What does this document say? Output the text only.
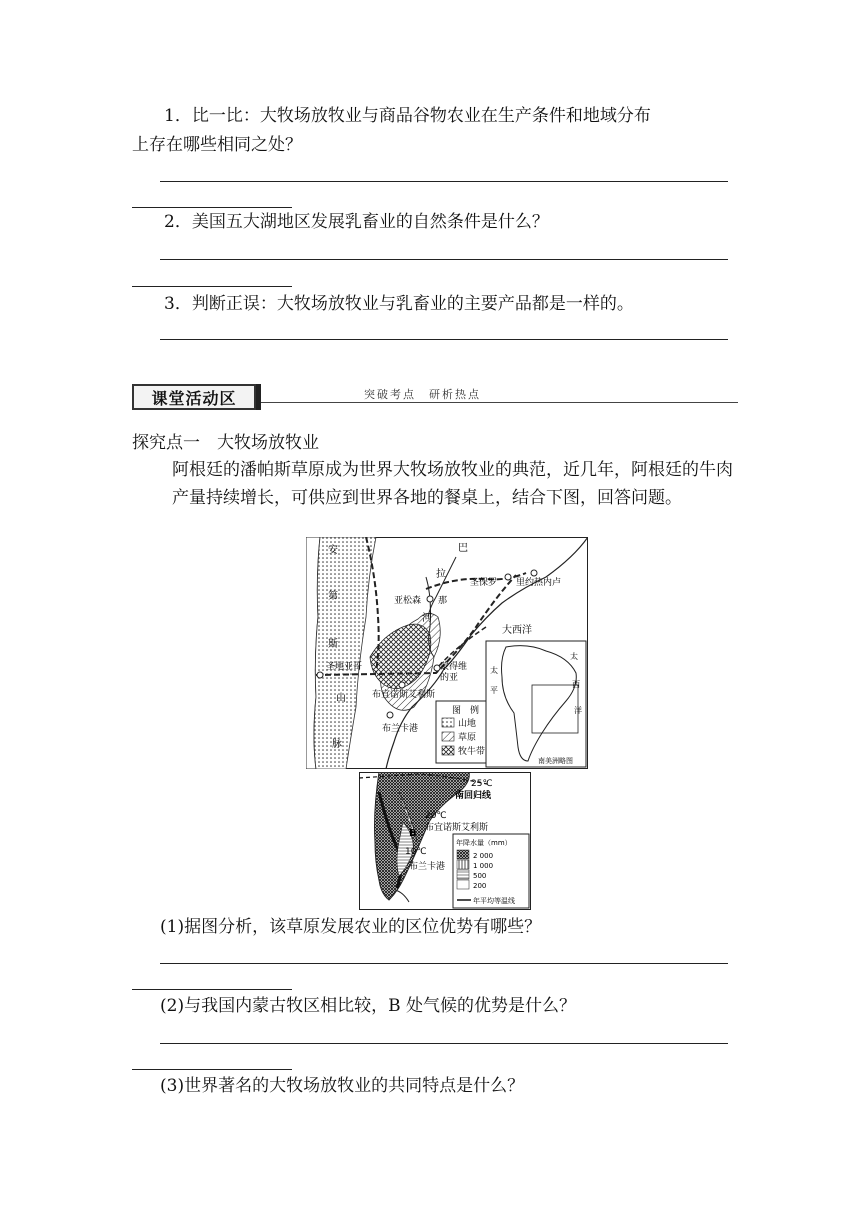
1．比一比：大牧场放牧业与商品谷物农业在生产条件和地域分布
上存在哪些相同之处？
2．美国五大湖地区发展乳畜业的自然条件是什么？
3．判断正误：大牧场放牧业与乳畜业的主要产品都是一样的。
课堂活动区	突破考点　研析热点
探究点一　大牧场放牧业
阿根廷的潘帕斯草原成为世界大牧场放牧业的典范，近几年，阿根廷的牛肉产量持续增长，可供应到世界各地的餐桌上，结合下图，回答问题。
安
第
斯
山
脉
巴
拉
河
圣保罗 里约热内卢
亚松森 那
大西洋
圣地亚哥	蒙得维
的亚
布宜诺斯艾利斯
布兰卡港
图　例
山地
草原
牧牛带
太
西
太
平
洋
南美洲略图
25℃
南回归线
20℃
布宜诺斯艾利斯
B
10℃
布兰卡港
年降水量（mm）
2 000
1 000
500
200
年平均等温线
(1)据图分析，该草原发展农业的区位优势有哪些？
(2)与我国内蒙古牧区相比较，B 处气候的优势是什么？
(3)世界著名的大牧场放牧业的共同特点是什么？
